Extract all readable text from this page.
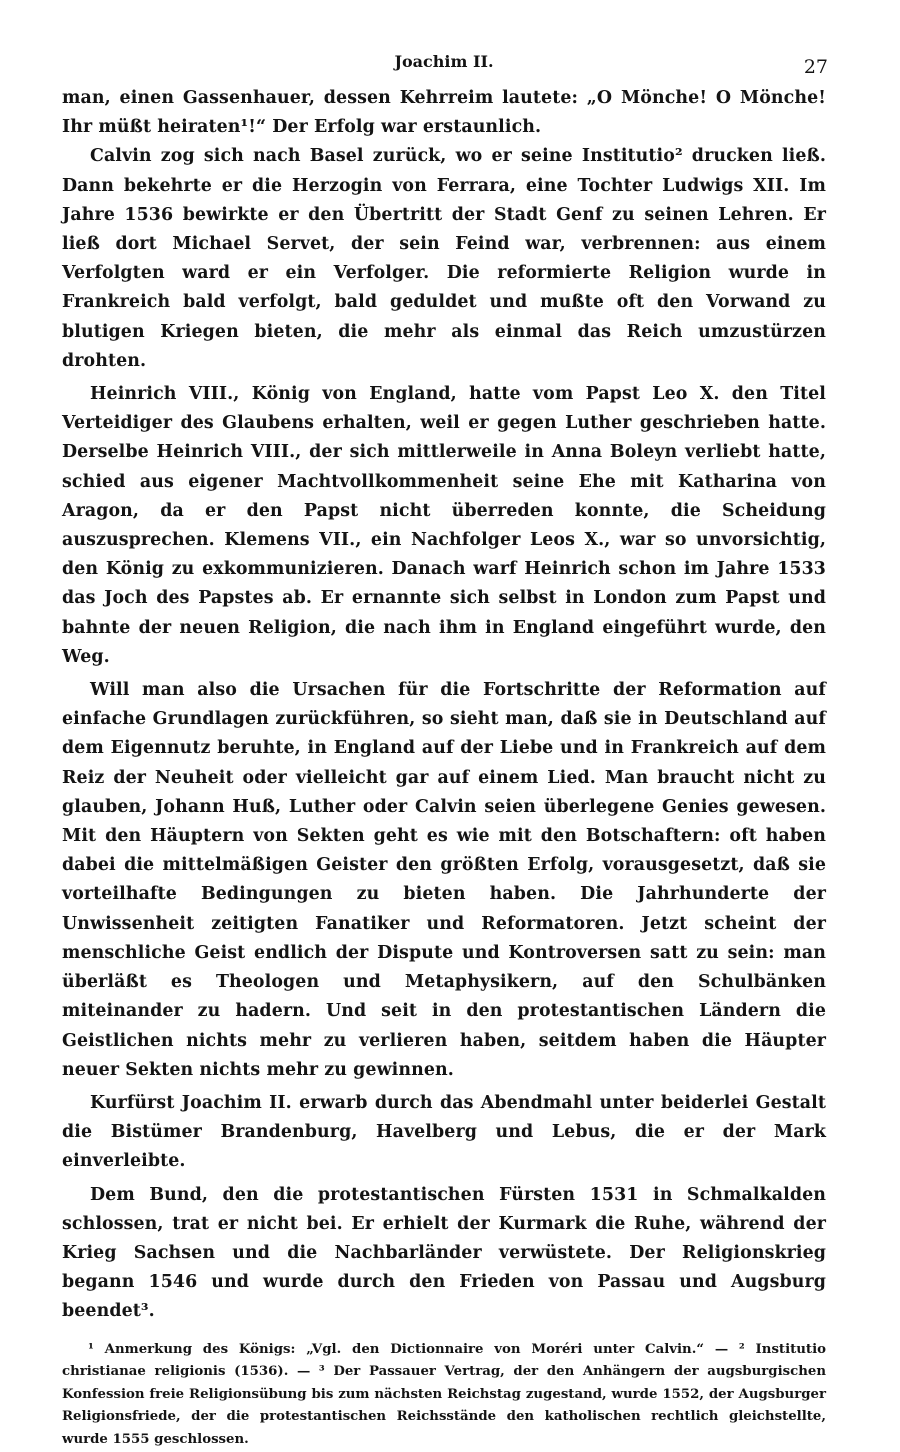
Joachim II.	27

man, einen Gassenhauer, dessen Kehrreim lautete: „O Mönche! O Mönche! Ihr müßt heiraten¹!“ Der Erfolg war erstaunlich.

Calvin zog sich nach Basel zurück, wo er seine Institutio² drucken ließ. Dann bekehrte er die Herzogin von Ferrara, eine Tochter Ludwigs XII. Im Jahre 1536 bewirkte er den Übertritt der Stadt Genf zu seinen Lehren. Er ließ dort Michael Servet, der sein Feind war, verbrennen: aus einem Verfolgten ward er ein Verfolger. Die reformierte Religion wurde in Frankreich bald verfolgt, bald geduldet und mußte oft den Vorwand zu blutigen Kriegen bieten, die mehr als einmal das Reich umzustürzen drohten.

Heinrich VIII., König von England, hatte vom Papst Leo X. den Titel Verteidiger des Glaubens erhalten, weil er gegen Luther geschrieben hatte. Derselbe Heinrich VIII., der sich mittlerweile in Anna Boleyn verliebt hatte, schied aus eigener Machtvollkommenheit seine Ehe mit Katharina von Aragon, da er den Papst nicht überreden konnte, die Scheidung auszusprechen. Klemens VII., ein Nachfolger Leos X., war so unvorsichtig, den König zu exkommunizieren. Danach warf Heinrich schon im Jahre 1533 das Joch des Papstes ab. Er ernannte sich selbst in London zum Papst und bahnte der neuen Religion, die nach ihm in England eingeführt wurde, den Weg.

Will man also die Ursachen für die Fortschritte der Reformation auf einfache Grundlagen zurückführen, so sieht man, daß sie in Deutschland auf dem Eigennutz beruhte, in England auf der Liebe und in Frankreich auf dem Reiz der Neuheit oder vielleicht gar auf einem Lied. Man braucht nicht zu glauben, Johann Huß, Luther oder Calvin seien überlegene Genies gewesen. Mit den Häuptern von Sekten geht es wie mit den Botschaftern: oft haben dabei die mittelmäßigen Geister den größten Erfolg, vorausgesetzt, daß sie vorteilhafte Bedingungen zu bieten haben. Die Jahrhunderte der Unwissenheit zeitigten Fanatiker und Reformatoren. Jetzt scheint der menschliche Geist endlich der Dispute und Kontroversen satt zu sein: man überläßt es Theologen und Metaphysikern, auf den Schulbänken miteinander zu hadern. Und seit in den protestantischen Ländern die Geistlichen nichts mehr zu verlieren haben, seitdem haben die Häupter neuer Sekten nichts mehr zu gewinnen.

Kurfürst Joachim II. erwarb durch das Abendmahl unter beiderlei Gestalt die Bistümer Brandenburg, Havelberg und Lebus, die er der Mark einverleibte.

Dem Bund, den die protestantischen Fürsten 1531 in Schmalkalden schlossen, trat er nicht bei. Er erhielt der Kurmark die Ruhe, während der Krieg Sachsen und die Nachbarländer verwüstete. Der Religionskrieg begann 1546 und wurde durch den Frieden von Passau und Augsburg beendet³.

¹ Anmerkung des Königs: „Vgl. den Dictionnaire von Moréri unter Calvin.“ — ² Institutio christianae religionis (1536). — ³ Der Passauer Vertrag, der den Anhängern der augsburgischen Konfession freie Religionsübung bis zum nächsten Reichstag zugestand, wurde 1552, der Augsburger Religionsfriede, der die protestantischen Reichsstände den katholischen rechtlich gleichstellte, wurde 1555 geschlossen.
